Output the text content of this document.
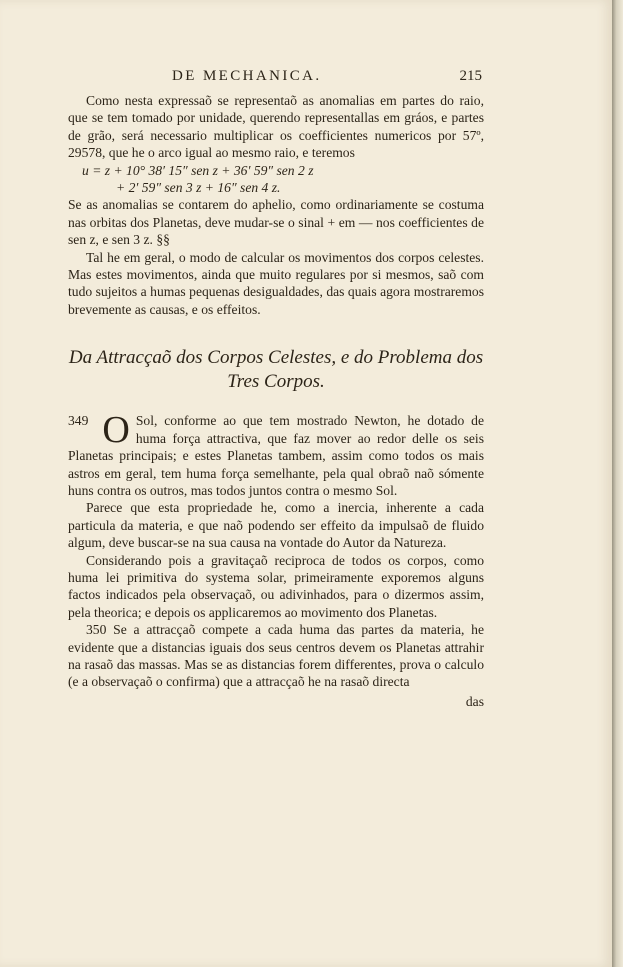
DE MECHANICA.	215

Como nesta expressaõ se representaõ as anomalias em partes do raio, que se tem tomado por unidade, querendo representallas em gráos, e partes de grão, será necessario multiplicar os coefficientes numericos por 57º, 29578, que he o arco igual ao mesmo raio, e teremos

u = z + 10° 38′ 15″ sen z + 36′ 59″ sen 2 z

+ 2′ 59″ sen 3 z + 16″ sen 4 z.

Se as anomalias se contarem do aphelio, como ordinariamente se costuma nas orbitas dos Planetas, deve mudar-se o sinal + em — nos coefficientes de sen z, e sen 3 z. §§

Tal he em geral, o modo de calcular os movimentos dos corpos celestes. Mas estes movimentos, ainda que muito regulares por si mesmos, saõ com tudo sujeitos a humas pequenas desigualdades, das quais agora mostraremos brevemente as causas, e os effeitos.

Da Attracçaõ dos Corpos Celestes, e do Problema dos Tres Corpos.

349 O Sol, conforme ao que tem mostrado Newton, he dotado de huma força attractiva, que faz mover ao redor delle os seis Planetas principais; e estes Planetas tambem, assim como todos os mais astros em geral, tem huma força semelhante, pela qual obraõ naõ sómente huns contra os outros, mas todos juntos contra o mesmo Sol.

Parece que esta propriedade he, como a inercia, inherente a cada particula da materia, e que naõ podendo ser effeito da impulsaõ de fluido algum, deve buscar-se na sua causa na vontade do Autor da Natureza.

Considerando pois a gravitaçaõ reciproca de todos os corpos, como huma lei primitiva do systema solar, primeiramente exporemos alguns factos indicados pela observaçaõ, ou adivinhados, para o dizermos assim, pela theorica; e depois os applicaremos ao movimento dos Planetas.

350 Se a attracçaõ compete a cada huma das partes da materia, he evidente que a distancias iguais dos seus centros devem os Planetas attrahir na rasaõ das massas. Mas se as distancias forem differentes, prova o calculo (e a observaçaõ o confirma) que a attracçaõ he na rasaõ directa

das
